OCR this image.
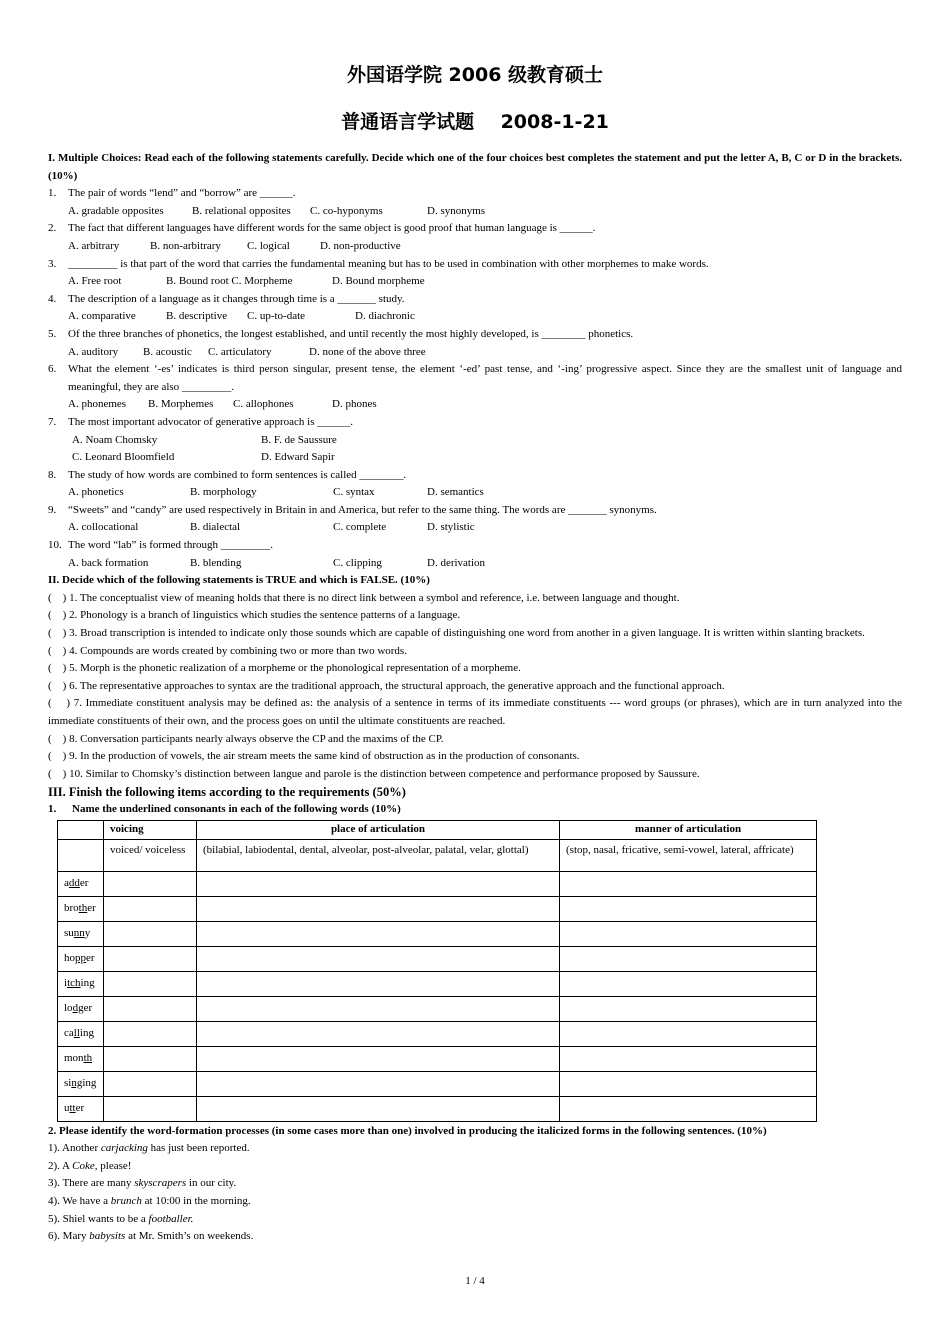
外国语学院 2006 级教育硕士
普通语言学试题    2008-1-21
I. Multiple Choices: Read each of the following statements carefully. Decide which one of the four choices best completes the statement and put the letter A, B, C or D in the brackets. (10%)
1.	The pair of words “lend” and “borrow” are ______.
A. gradable opposites	B. relational opposites	C. co-hyponyms	D. synonyms
2.	The fact that different languages have different words for the same object is good proof that human language is ______.
A. arbitrary	B. non-arbitrary	C. logical	D. non-productive
3.	_________ is that part of the word that carries the fundamental meaning but has to be used in combination with other morphemes to make words.
A. Free root	B. Bound root C. Morpheme	D. Bound morpheme
4.	The description of a language as it changes through time is a _______ study.
A. comparative	B. descriptive	C. up-to-date	D. diachronic
5.	Of the three branches of phonetics, the longest established, and until recently the most highly developed, is ________ phonetics.
A. auditory	B. acoustic	C. articulatory	D. none of the above three
6.	What the element ‘-es’ indicates is third person singular, present tense, the element ‘-ed’ past tense, and ‘-ing’ progressive aspect. Since they are the smallest unit of language and meaningful, they are also _________.
A. phonemes	B. Morphemes	C. allophones	D. phones
7.	The most important advocator of generative approach is ______.
A. Noam Chomsky	B. F. de Saussure
C. Leonard Bloomfield	D. Edward Sapir
8.	The study of how words are combined to form sentences is called ________.
A. phonetics	B. morphology	C. syntax	D. semantics
9.	“Sweets” and “candy” are used respectively in Britain in and America, but refer to the same thing. The words are _______ synonyms.
A. collocational	B. dialectal	C. complete	D. stylistic
10. The word “lab” is formed through _________.
A. back formation	B. blending	C. clipping	D. derivation
II. Decide which of the following statements is TRUE and which is FALSE. (10%)
(    ) 1. The conceptualist view of meaning holds that there is no direct link between a symbol and reference, i.e. between language and thought.
(    ) 2. Phonology is a branch of linguistics which studies the sentence patterns of a language.
(    ) 3. Broad transcription is intended to indicate only those sounds which are capable of distinguishing one word from another in a given language. It is written within slanting brackets.
(    ) 4. Compounds are words created by combining two or more than two words.
(    ) 5. Morph is the phonetic realization of a morpheme or the phonological representation of a morpheme.
(    ) 6. The representative approaches to syntax are the traditional approach, the structural approach, the generative approach and the functional approach.
(    ) 7. Immediate constituent analysis may be defined as: the analysis of a sentence in terms of its immediate constituents --- word groups (or phrases), which are in turn analyzed into the immediate constituents of their own, and the process goes on until the ultimate constituents are reached.
(    ) 8. Conversation participants nearly always observe the CP and the maxims of the CP.
(    ) 9. In the production of vowels, the air stream meets the same kind of obstruction as in the production of consonants.
(    ) 10. Similar to Chomsky’s distinction between langue and parole is the distinction between competence and performance proposed by Saussure.
III. Finish the following items according to the requirements (50%)
1.	Name the underlined consonants in each of the following words (10%)
	voicing	place of articulation	manner of articulation
	voiced/ voiceless	(bilabial, labiodental, dental, alveolar, post-alveolar, palatal, velar, glottal)	(stop, nasal, fricative, semi-vowel, lateral, affricate)
adder			
brother			
sunny			
hopper			
itching			
lodger			
calling			
month			
singing			
utter			
2. Please identify the word-formation processes (in some cases more than one) involved in producing the italicized forms in the following sentences. (10%)
1). Another carjacking has just been reported.
2). A Coke, please!
3). There are many skyscrapers in our city.
4). We have a brunch at 10:00 in the morning.
5). Shiel wants to be a footballer.
6). Mary babysits at Mr. Smith’s on weekends.
1 / 4
